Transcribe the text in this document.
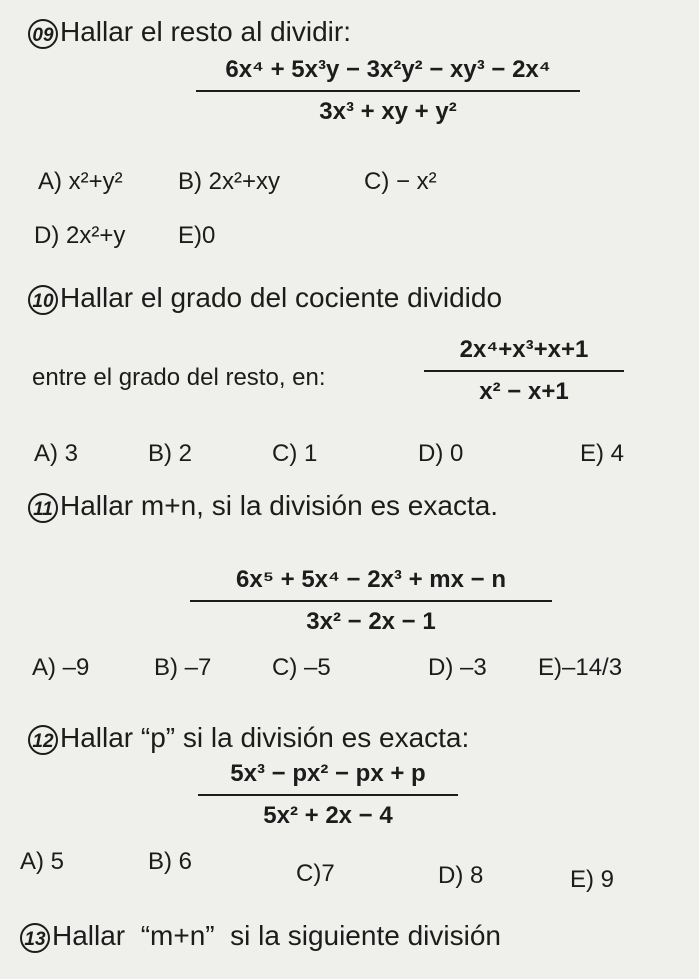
09 Hallar el resto al dividir:
6x⁴ + 5x³y − 3x²y² − xy³ − 2x⁴
3x³ + xy + y²
A) x²+y² B) 2x²+xy	C) − x²
D) 2x²+y E)0
10 Hallar el grado del cociente dividido
entre el grado del resto, en:
2x⁴+x³+x+1
x² − x+1
A) 3	B) 2	C) 1	D) 0	E) 4
11 Hallar m+n, si la división es exacta.
6x⁵ + 5x⁴ − 2x³ + mx − n
3x² − 2x − 1
A) –9	B) –7	C) –5	D) –3 E)–14/3
12 Hallar “p” si la división es exacta:
5x³ − px² − px + p
5x² + 2x − 4
A) 5	B) 6	C)7	D) 8	E) 9
13 Hallar  “m+n”  si la siguiente división
